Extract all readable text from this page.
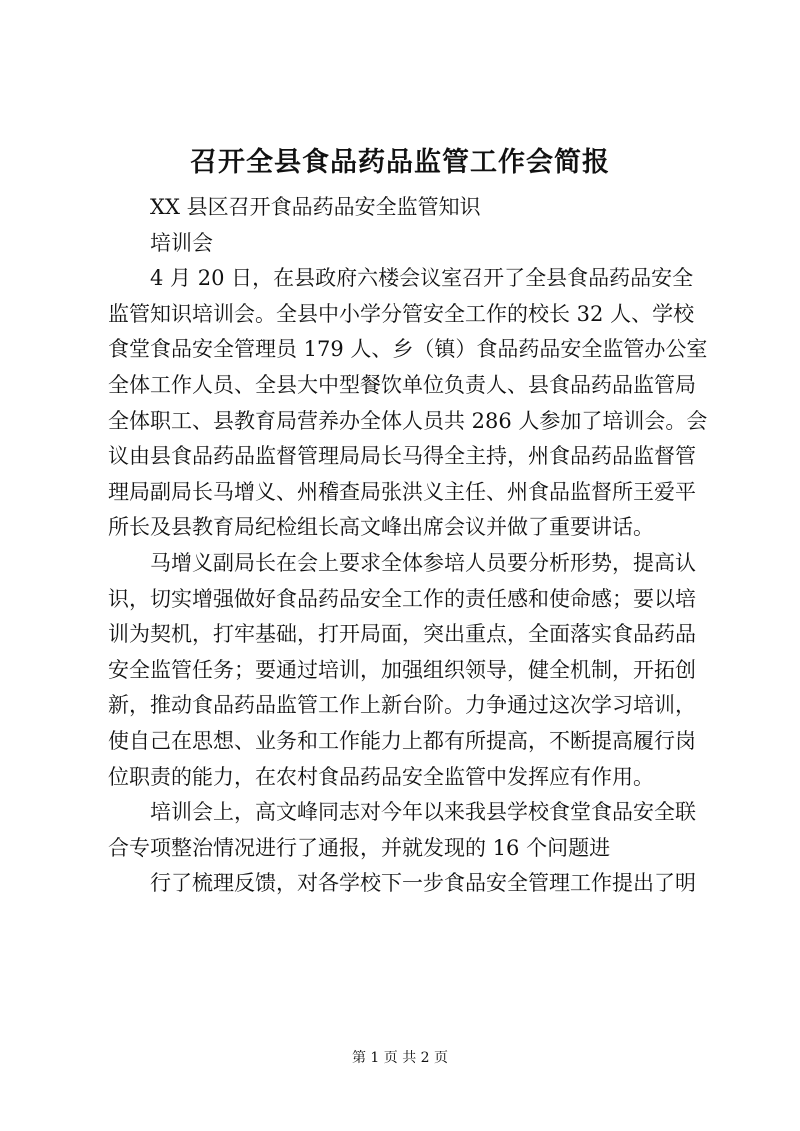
召开全县食品药品监管工作会简报
XX 县区召开食品药品安全监管知识
培训会
4 月 20 日，在县政府六楼会议室召开了全县食品药品安全
监管知识培训会。全县中小学分管安全工作的校长 32 人、学校
食堂食品安全管理员 179 人、乡（镇）食品药品安全监管办公室
全体工作人员、全县大中型餐饮单位负责人、县食品药品监管局
全体职工、县教育局营养办全体人员共 286 人参加了培训会。会
议由县食品药品监督管理局局长马得全主持，州食品药品监督管
理局副局长马增义、州稽查局张洪义主任、州食品监督所王爱平
所长及县教育局纪检组长高文峰出席会议并做了重要讲话。
马增义副局长在会上要求全体参培人员要分析形势，提高认
识，切实增强做好食品药品安全工作的责任感和使命感；要以培
训为契机，打牢基础，打开局面，突出重点，全面落实食品药品
安全监管任务；要通过培训，加强组织领导，健全机制，开拓创
新，推动食品药品监管工作上新台阶。力争通过这次学习培训，
使自己在思想、业务和工作能力上都有所提高，不断提高履行岗
位职责的能力，在农村食品药品安全监管中发挥应有作用。
培训会上，高文峰同志对今年以来我县学校食堂食品安全联
合专项整治情况进行了通报，并就发现的 16 个问题进
行了梳理反馈，对各学校下一步食品安全管理工作提出了明
第 1 页 共 2 页
